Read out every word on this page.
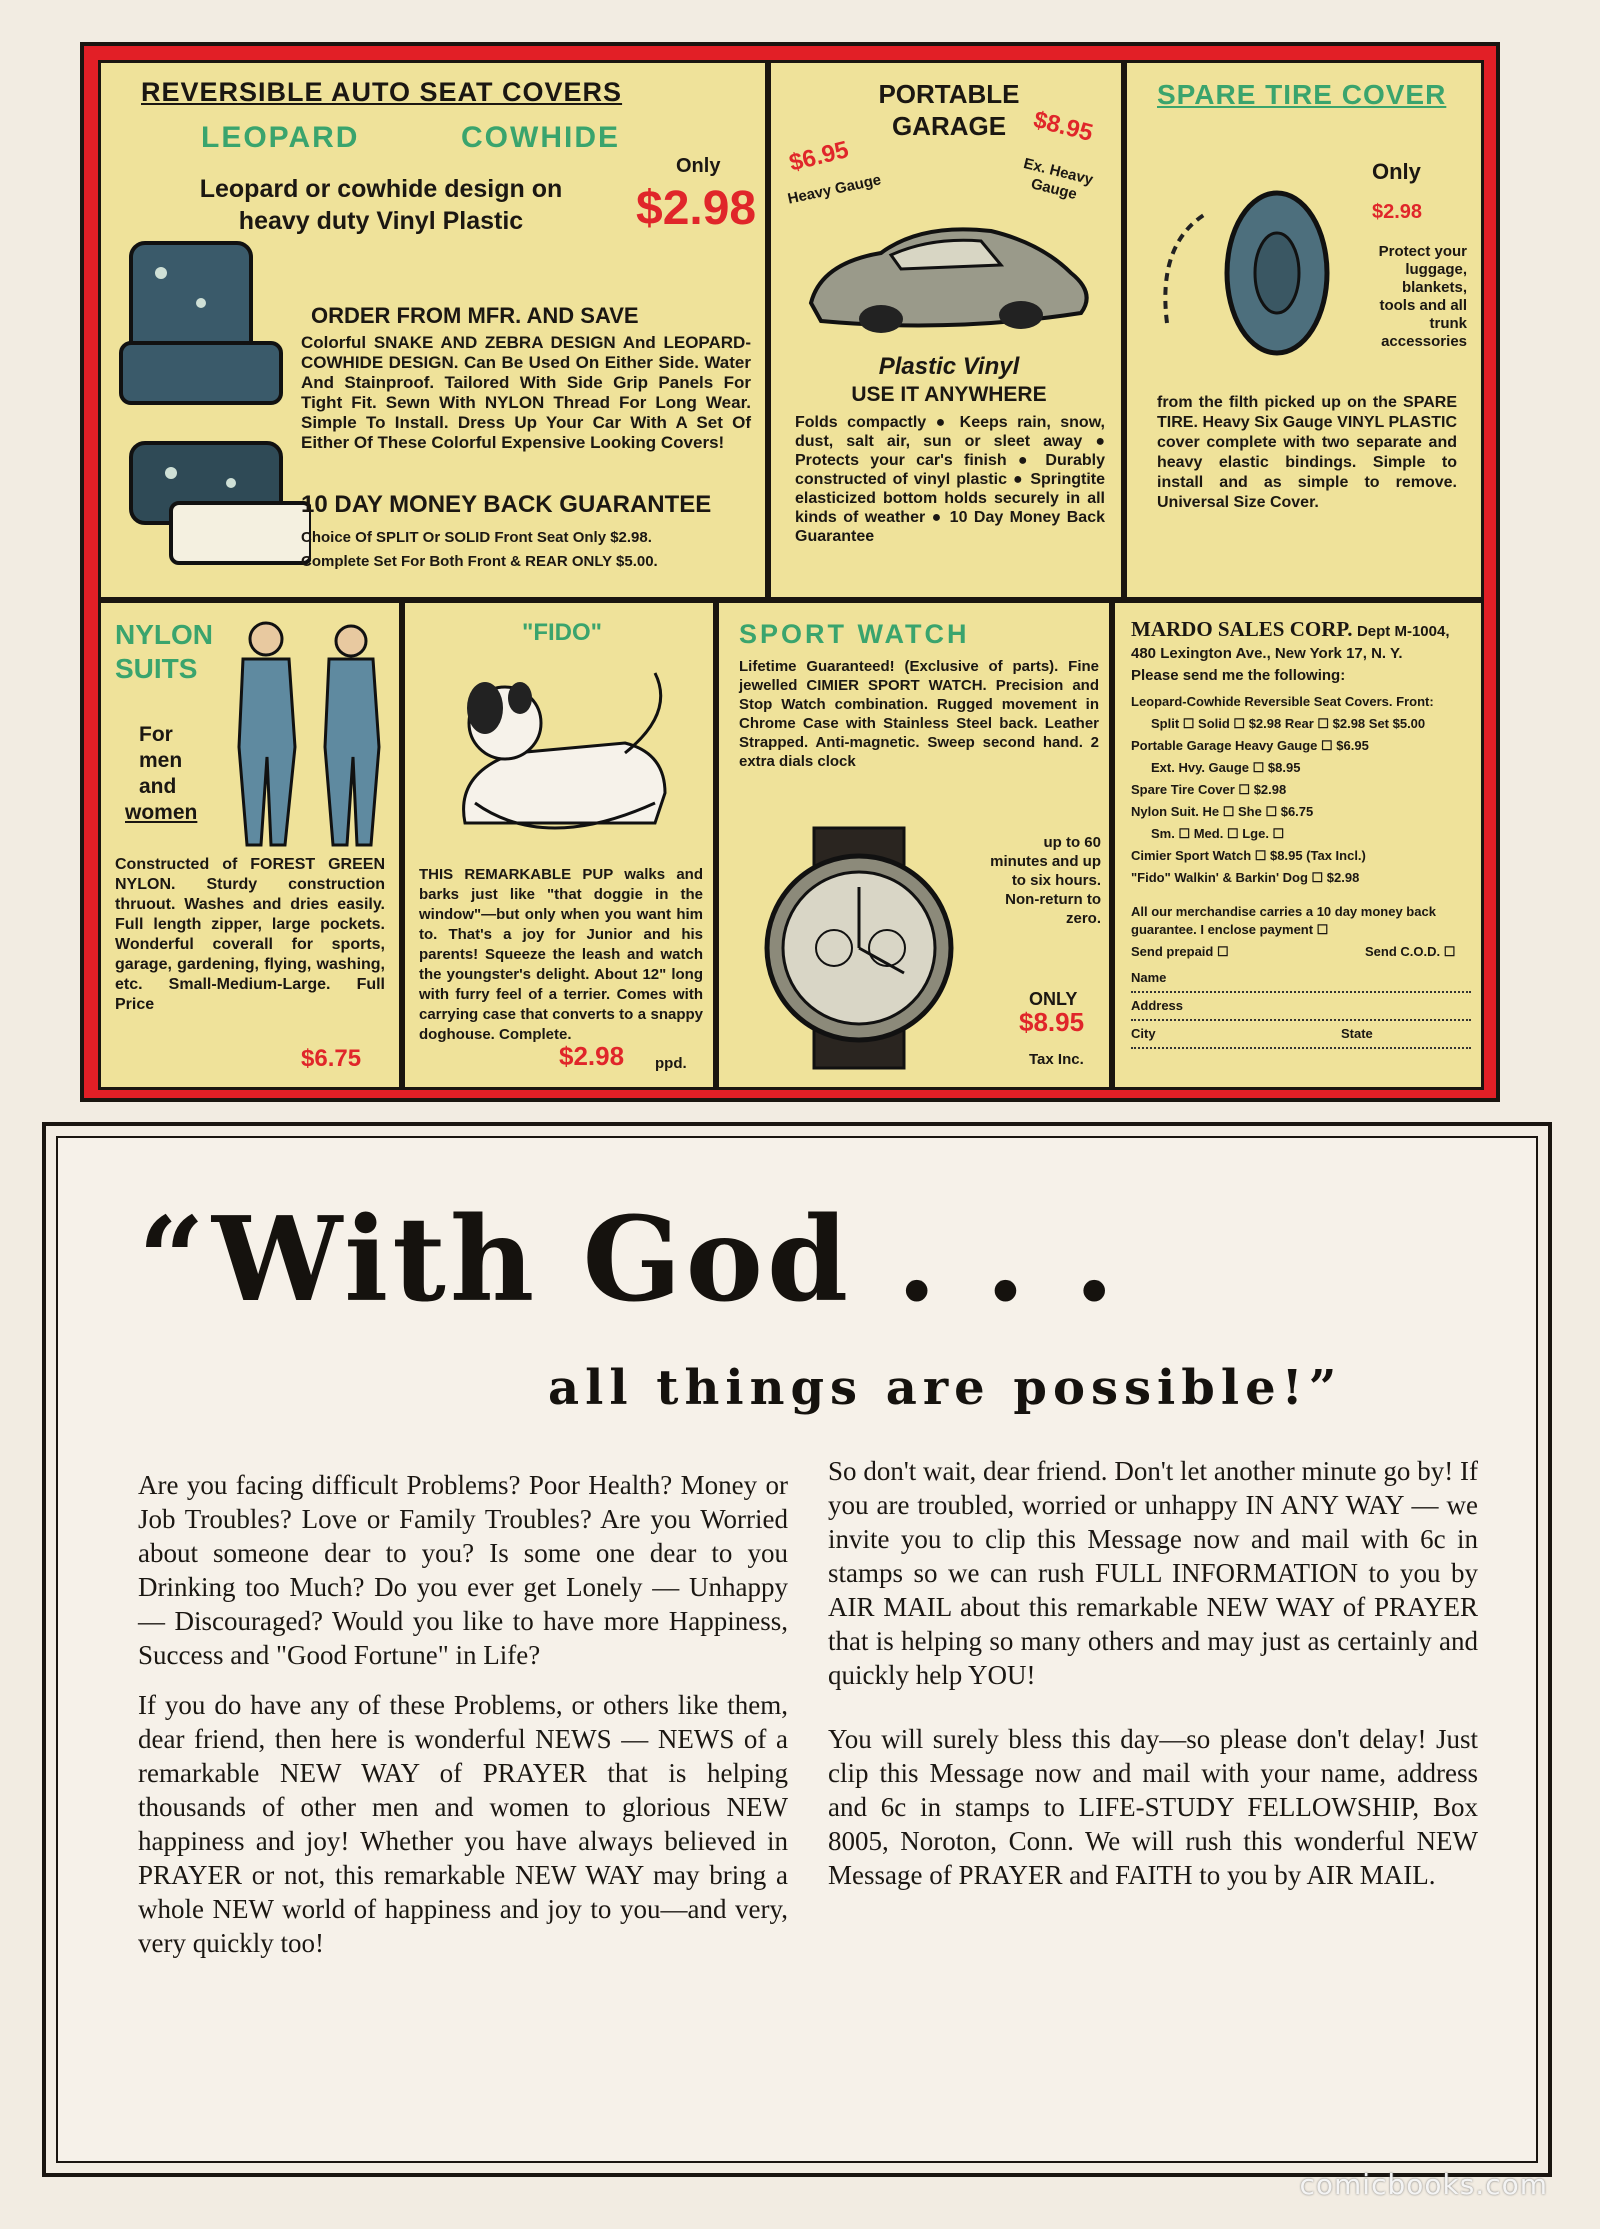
REVERSIBLE AUTO SEAT COVERS
LEOPARD	COWHIDE
Only
$2.98
Leopard or cowhide design on heavy duty Vinyl Plastic
ORDER FROM MFR. AND SAVE
Colorful SNAKE AND ZEBRA DESIGN And LEOPARD-COWHIDE DESIGN. Can Be Used On Either Side. Water And Stainproof. Tailored With Side Grip Panels For Tight Fit. Sewn With NYLON Thread For Long Wear. Simple To Install. Dress Up Your Car With A Set Of Either Of These Colorful Expensive Looking Covers!
10 DAY MONEY BACK GUARANTEE
Choice Of SPLIT Or SOLID Front Seat Only $2.98.
Complete Set For Both Front & REAR ONLY $5.00.
PORTABLE
GARAGE
$6.95
Heavy Gauge
$8.95
Ex. Heavy Gauge
Plastic Vinyl
USE IT ANYWHERE
Folds compactly ● Keeps rain, snow, dust, salt air, sun or sleet away ● Protects your car's finish ● Durably constructed of vinyl plastic ● Springtite elasticized bottom holds securely in all kinds of weather ● 10 Day Money Back Guarantee
SPARE TIRE COVER
Only
$2.98
Protect your luggage, blankets, tools and all trunk accessories
from the filth picked up on the SPARE TIRE. Heavy Six Gauge VINYL PLASTIC cover complete with two separate and heavy elastic bindings. Simple to install and as simple to remove. Universal Size Cover.
NYLON
SUITS
For
men
and
women
Constructed of FOREST GREEN NYLON. Sturdy construction thruout. Washes and dries easily. Full length zipper, large pockets. Wonderful coverall for sports, garage, gardening, flying, washing, etc. Small-Medium-Large. Full Price
$6.75
"FIDO"
THIS REMARKABLE PUP walks and barks just like "that doggie in the window"—but only when you want him to. That's a joy for Junior and his parents! Squeeze the leash and watch the youngster's delight. About 12" long with furry feel of a terrier. Comes with carrying case that converts to a snappy doghouse. Complete.
$2.98 ppd.
SPORT WATCH
Lifetime Guaranteed! (Exclusive of parts). Fine jewelled CIMIER SPORT WATCH. Precision and Stop Watch combination. Rugged movement in Chrome Case with Stainless Steel back. Leather Strapped. Anti-magnetic. Sweep second hand. 2 extra dials clock
up to 60 minutes and up to six hours. Non-return to zero.
ONLY
$8.95
Tax Inc.
MARDO SALES CORP. Dept M-1004,
480 Lexington Ave., New York 17, N. Y.
Please send me the following:
Leopard-Cowhide Reversible Seat Covers. Front:
Split ☐ Solid ☐ $2.98 Rear ☐ $2.98 Set $5.00
Portable Garage Heavy Gauge ☐ $6.95
Ext. Hvy. Gauge ☐ $8.95
Spare Tire Cover ☐ $2.98
Nylon Suit. He ☐ She ☐ $6.75
Sm. ☐ Med. ☐ Lge. ☐
Cimier Sport Watch ☐ $8.95 (Tax Incl.)
"Fido" Walkin' & Barkin' Dog ☐ $2.98
All our merchandise carries a 10 day money back guarantee. I enclose payment ☐
Send prepaid ☐	Send C.O.D. ☐
Name
Address
City	State
“With God . . .
all things are possible!”

Are you facing difficult Problems? Poor Health? Money or Job Troubles? Love or Family Troubles? Are you Worried about someone dear to you? Is some one dear to you Drinking too Much? Do you ever get Lonely — Unhappy — Discouraged? Would you like to have more Happiness, Success and "Good Fortune" in Life?

If you do have any of these Problems, or others like them, dear friend, then here is wonderful NEWS — NEWS of a remarkable NEW WAY of PRAYER that is helping thousands of other men and women to glorious NEW happiness and joy! Whether you have always believed in PRAYER or not, this remarkable NEW WAY may bring a whole NEW world of happiness and joy to you—and very, very quickly too!

So don't wait, dear friend. Don't let another minute go by! If you are troubled, worried or unhappy IN ANY WAY — we invite you to clip this Message now and mail with 6c in stamps so we can rush FULL INFORMATION to you by AIR MAIL about this remarkable NEW WAY of PRAYER that is helping so many others and may just as certainly and quickly help YOU!

You will surely bless this day—so please don't delay! Just clip this Message now and mail with your name, address and 6c in stamps to LIFE-STUDY FELLOWSHIP, Box 8005, Noroton, Conn. We will rush this wonderful NEW Message of PRAYER and FAITH to you by AIR MAIL.

comicbooks.com
